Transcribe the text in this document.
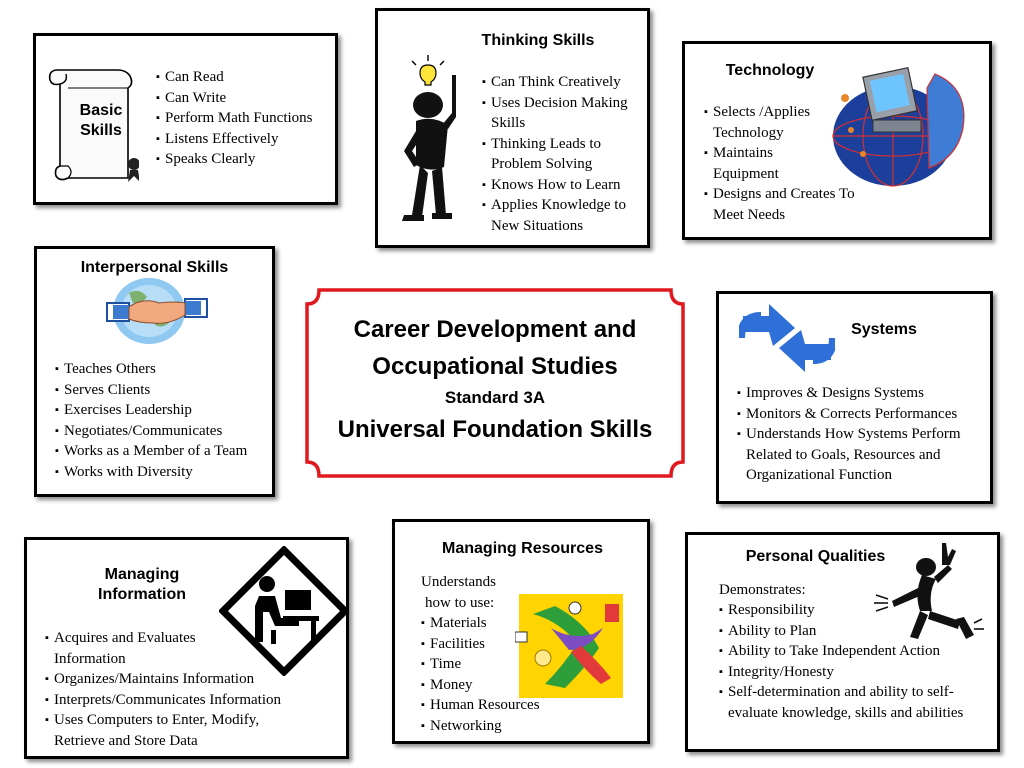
Basic
Skills
▪ Can Read
▪ Can Write
▪ Perform Math Functions
▪ Listens Effectively
▪ Speaks Clearly
Thinking Skills
▪ Can Think Creatively
▪ Uses Decision Making Skills
▪ Thinking Leads to Problem Solving
▪ Knows How to Learn
▪ Applies Knowledge to New Situations
Technology
▪ Selects /Applies Technology
▪ Maintains Equipment
▪ Designs and Creates To Meet Needs
Interpersonal Skills
▪ Teaches Others
▪ Serves Clients
▪ Exercises Leadership
▪ Negotiates/Communicates
▪ Works as a Member of a Team
▪ Works with Diversity
Career Development and
Occupational Studies
Standard 3A
Universal Foundation Skills
Systems
▪ Improves & Designs Systems
▪ Monitors & Corrects Performances
▪ Understands How Systems Perform Related to Goals, Resources and Organizational Function
Managing
Information
▪ Acquires and Evaluates Information
▪ Organizes/Maintains Information
▪ Interprets/Communicates Information
▪ Uses Computers to Enter, Modify, Retrieve and Store Data
Managing Resources
Understands
how to use:
▪ Materials
▪ Facilities
▪ Time
▪ Money
▪ Human Resources
▪ Networking
Personal Qualities
Demonstrates:
▪ Responsibility
▪ Ability to Plan
▪ Ability to Take Independent Action
▪ Integrity/Honesty
▪ Self-determination and ability to self-evaluate knowledge, skills and abilities
